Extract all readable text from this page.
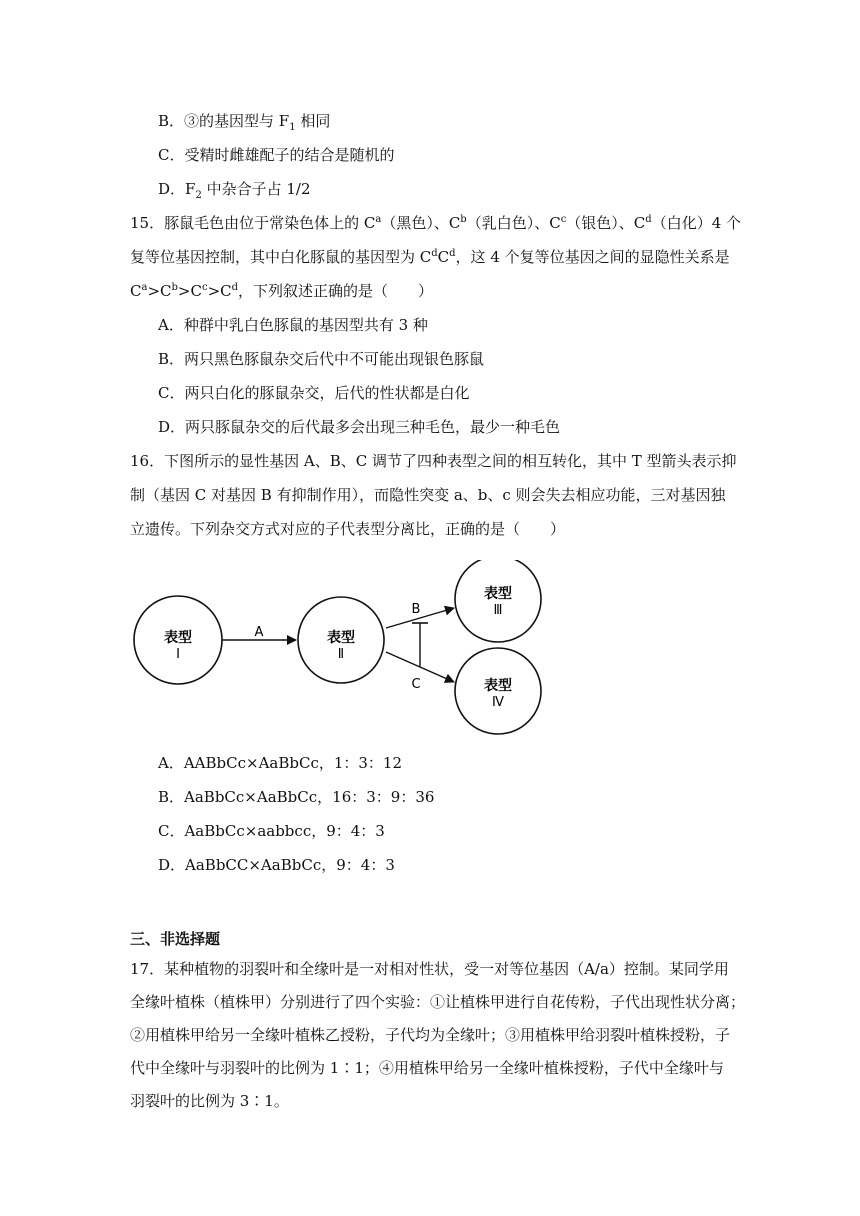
B．③的基因型与 $F_1$ 相同
C．受精时雌雄配子的结合是随机的
D．$F_2$ 中杂合子占 1/2
15．豚鼠毛色由位于常染色体上的 $C^a$（黑色）、$C^b$（乳白色）、$C^c$（银色）、$C^d$（白化）4 个
复等位基因控制，其中白化豚鼠的基因型为 $C^dC^d$，这 4 个复等位基因之间的显隐性关系是
$C^a>C^b>C^c>C^d$，下列叙述正确的是（　　）
A．种群中乳白色豚鼠的基因型共有 3 种
B．两只黑色豚鼠杂交后代中不可能出现银色豚鼠
C．两只白化的豚鼠杂交，后代的性状都是白化
D．两只豚鼠杂交的后代最多会出现三种毛色，最少一种毛色
16．下图所示的显性基因 A、B、C 调节了四种表型之间的相互转化，其中 T 型箭头表示抑
制（基因 C 对基因 B 有抑制作用），而隐性突变 a、b、c 则会失去相应功能，三对基因独
立遗传。下列杂交方式对应的子代表型分离比，正确的是（　　）
表型
Ⅰ
A	表型
Ⅱ
表型
Ⅲ
表型
Ⅳ
B
C
A．AABbCc×AaBbCc，1：3：12
B．AaBbCc×AaBbCc，16：3：9：36
C．AaBbCc×aabbcc，9：4：3
D．AaBbCC×AaBbCc，9：4：3
三、非选择题
17．某种植物的羽裂叶和全缘叶是一对相对性状，受一对等位基因（A/a）控制。某同学用
全缘叶植株（植株甲）分别进行了四个实验：①让植株甲进行自花传粉，子代出现性状分离；
②用植株甲给另一全缘叶植株乙授粉，子代均为全缘叶；③用植株甲给羽裂叶植株授粉，子
代中全缘叶与羽裂叶的比例为 1∶1；④用植株甲给另一全缘叶植株授粉，子代中全缘叶与
羽裂叶的比例为 3∶1。
